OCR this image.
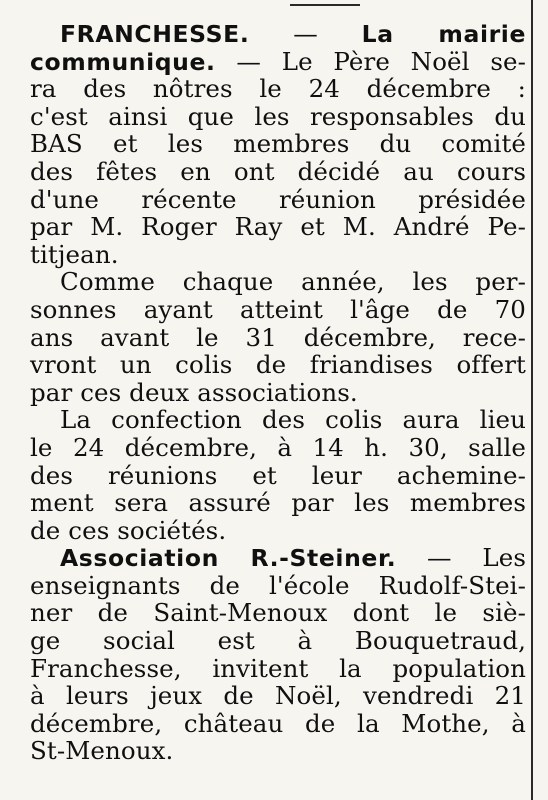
FRANCHESSE. — La mairie
communique. — Le Père Noël se-
ra des nôtres le 24 décembre :
c'est ainsi que les responsables du
BAS et les membres du comité
des fêtes en ont décidé au cours
d'une récente réunion présidée
par M. Roger Ray et M. André Pe-
titjean.
Comme chaque année, les per-
sonnes ayant atteint l'âge de 70
ans avant le 31 décembre, rece-
vront un colis de friandises offert
par ces deux associations.
La confection des colis aura lieu
le 24 décembre, à 14 h. 30, salle
des réunions et leur achemine-
ment sera assuré par les membres
de ces sociétés.
Association R.-Steiner. — Les
enseignants de l'école Rudolf-Stei-
ner de Saint-Menoux dont le siè-
ge social est à Bouquetraud,
Franchesse, invitent la population
à leurs jeux de Noël, vendredi 21
décembre, château de la Mothe, à
St-Menoux.
